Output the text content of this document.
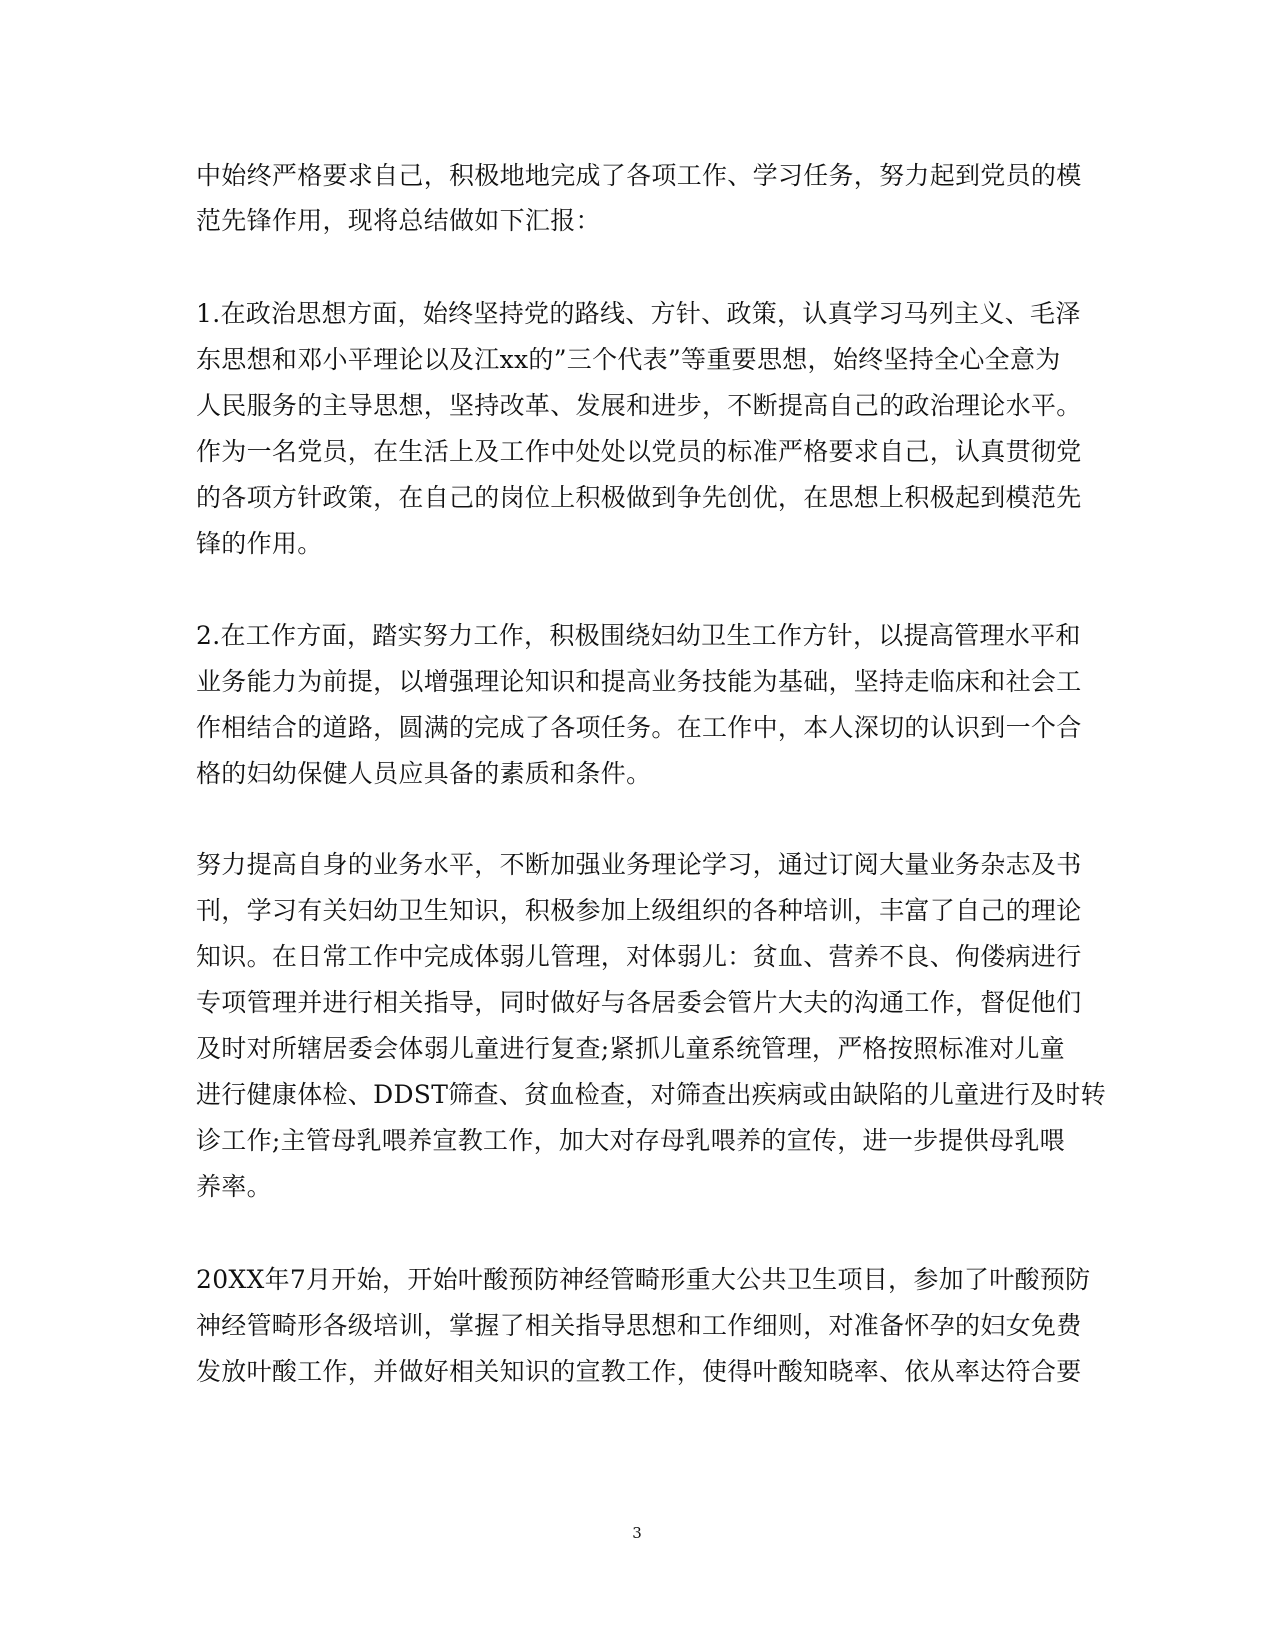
中始终严格要求自己，积极地地完成了各项工作、学习任务，努力起到党员的模
范先锋作用，现将总结做如下汇报：
1.在政治思想方面，始终坚持党的路线、方针、政策，认真学习马列主义、毛泽
东思想和邓小平理论以及江xx的”三个代表”等重要思想，始终坚持全心全意为
人民服务的主导思想，坚持改革、发展和进步，不断提高自己的政治理论水平。
作为一名党员，在生活上及工作中处处以党员的标准严格要求自己，认真贯彻党
的各项方针政策，在自己的岗位上积极做到争先创优，在思想上积极起到模范先
锋的作用。
2.在工作方面，踏实努力工作，积极围绕妇幼卫生工作方针，以提高管理水平和
业务能力为前提，以增强理论知识和提高业务技能为基础，坚持走临床和社会工
作相结合的道路，圆满的完成了各项任务。在工作中，本人深切的认识到一个合
格的妇幼保健人员应具备的素质和条件。
努力提高自身的业务水平，不断加强业务理论学习，通过订阅大量业务杂志及书
刊，学习有关妇幼卫生知识，积极参加上级组织的各种培训，丰富了自己的理论
知识。在日常工作中完成体弱儿管理，对体弱儿：贫血、营养不良、佝偻病进行
专项管理并进行相关指导，同时做好与各居委会管片大夫的沟通工作，督促他们
及时对所辖居委会体弱儿童进行复查;紧抓儿童系统管理，严格按照标准对儿童
进行健康体检、DDST筛查、贫血检查，对筛查出疾病或由缺陷的儿童进行及时转
诊工作;主管母乳喂养宣教工作，加大对存母乳喂养的宣传，进一步提供母乳喂
养率。
20XX年7月开始，开始叶酸预防神经管畸形重大公共卫生项目，参加了叶酸预防
神经管畸形各级培训，掌握了相关指导思想和工作细则，对准备怀孕的妇女免费
发放叶酸工作，并做好相关知识的宣教工作，使得叶酸知晓率、依从率达符合要
3
